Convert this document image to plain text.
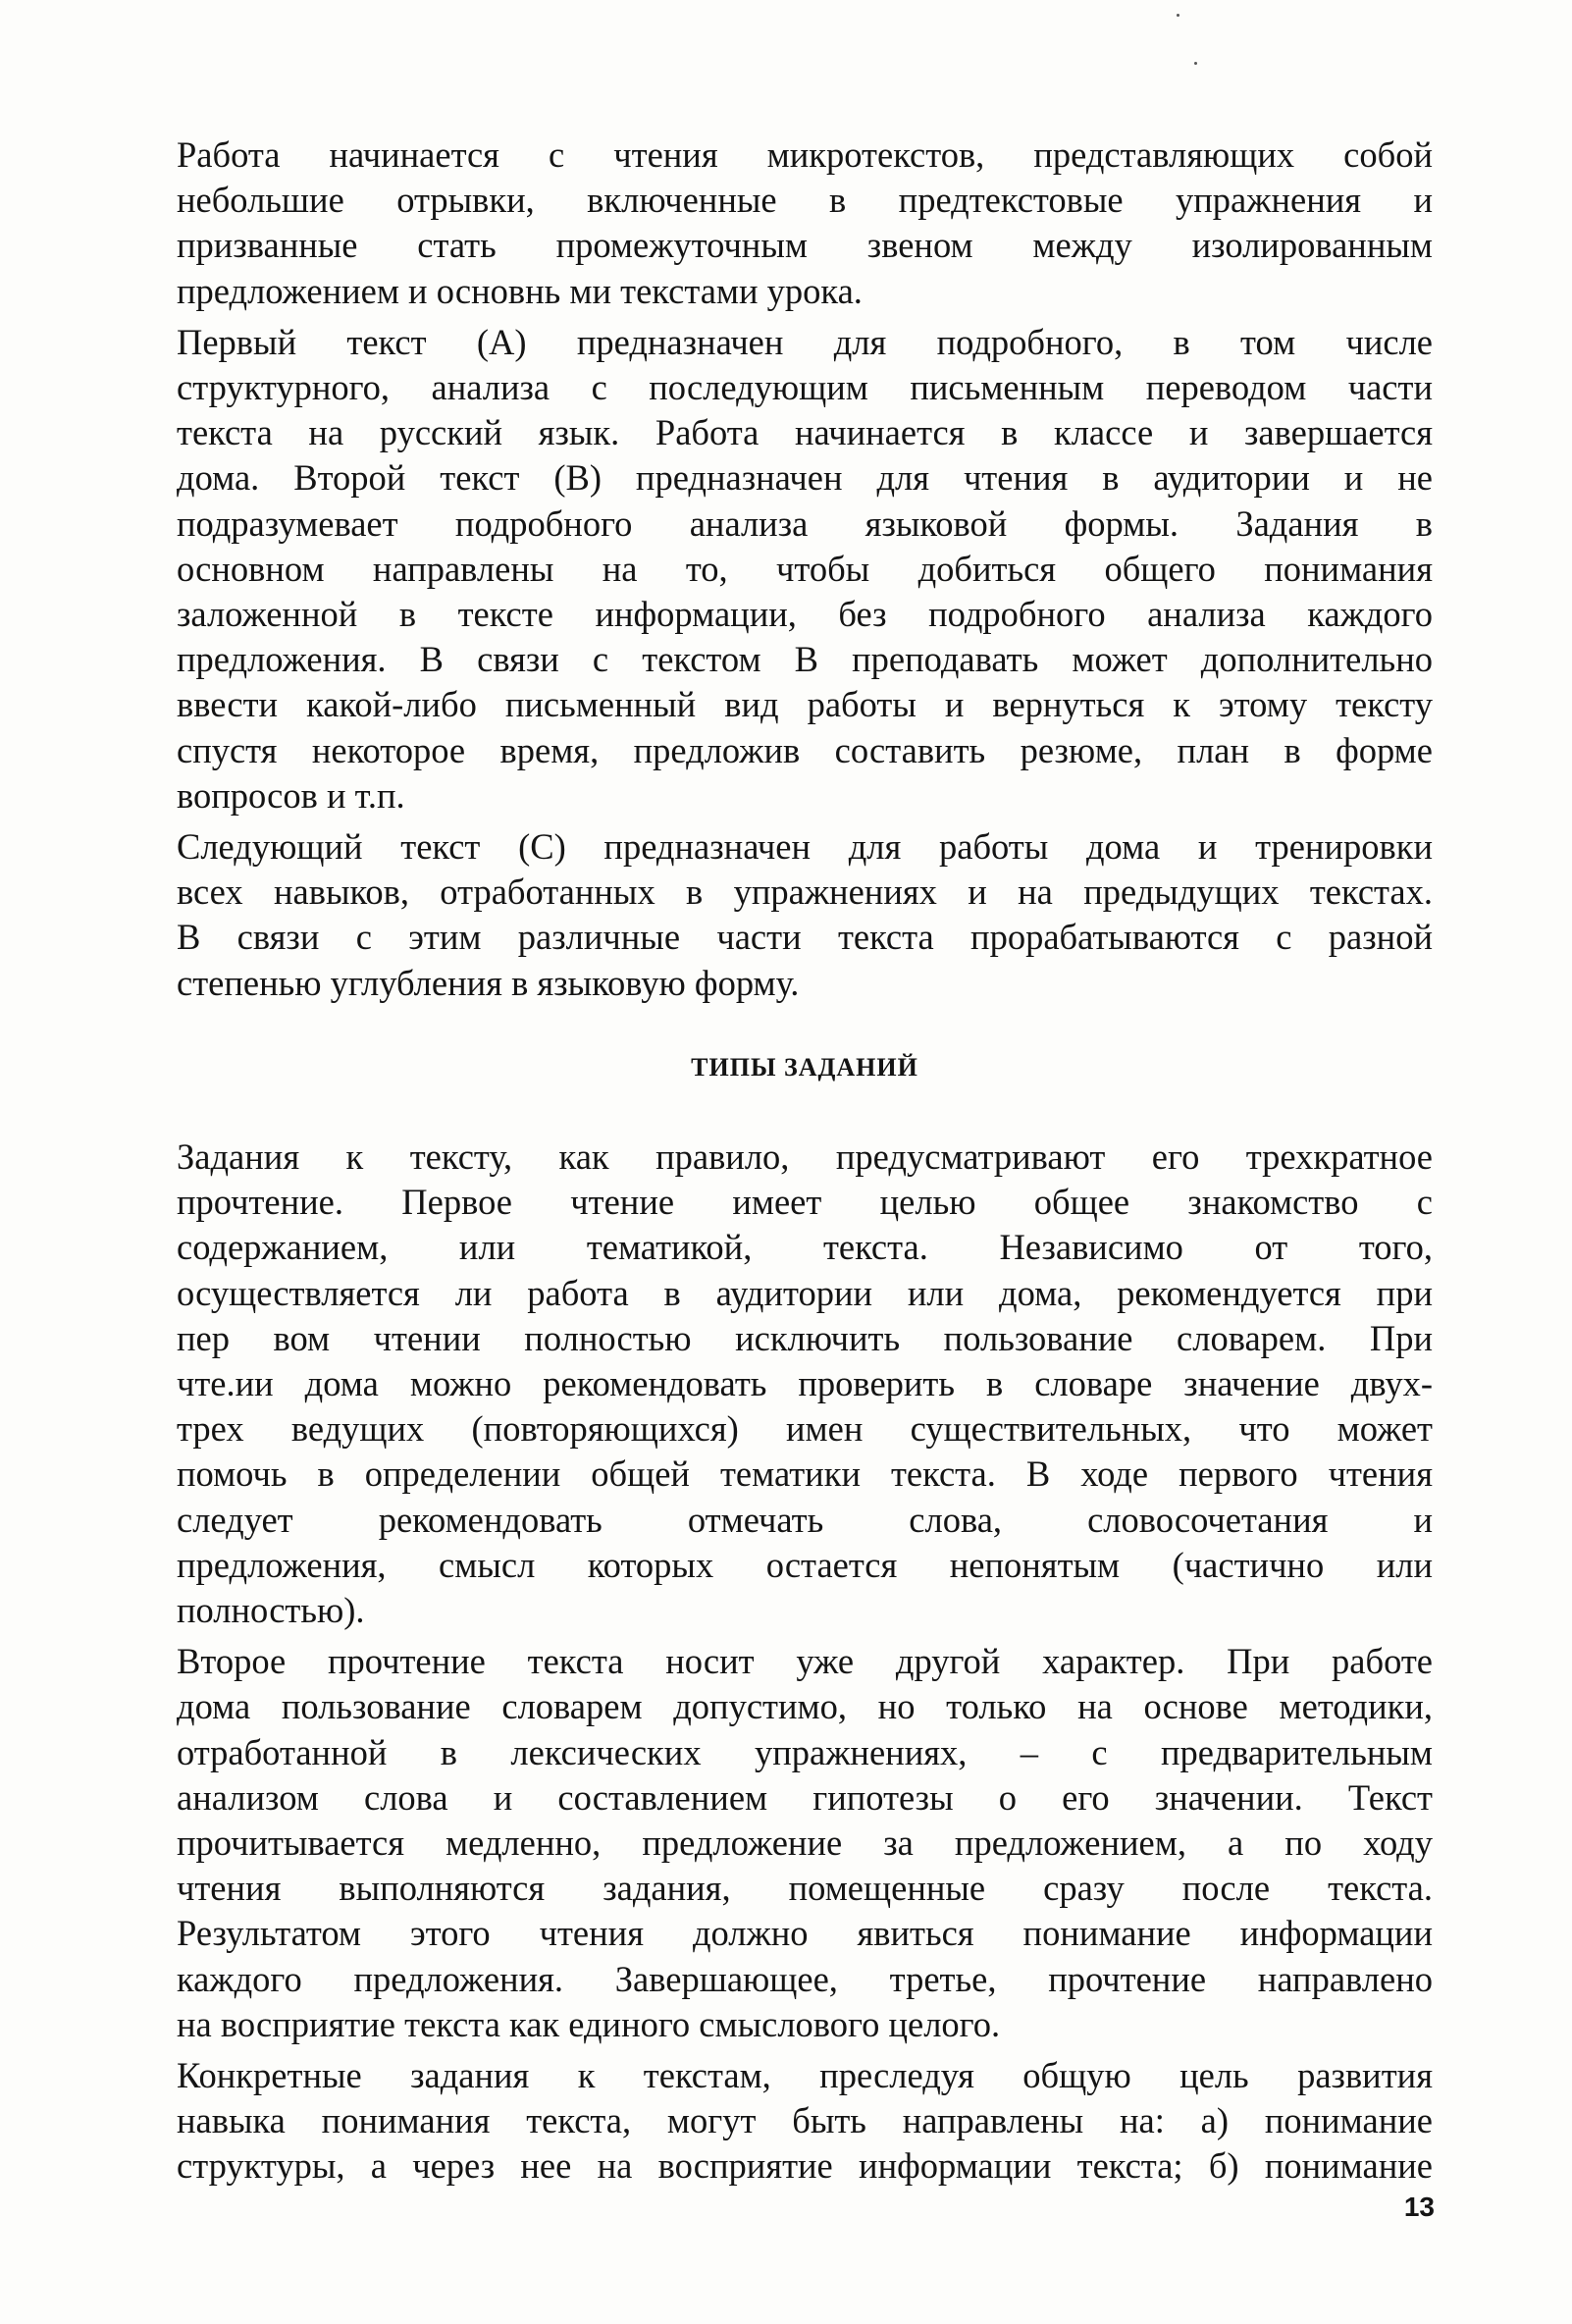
Работа начинается с чтения микротекстов, представляющих собой
небольшие отрывки, включенные в предтекстовые упражнения и
призванные стать промежуточным звеном между изолированным
предложением и основнь ми текстами урока.
Первый текст (А) предназначен для подробного, в том числе
структурного, анализа с последующим письменным переводом части
текста на русский язык. Работа начинается в классе и завершается
дома. Второй текст (В) предназначен для чтения в аудитории и не
подразумевает подробного анализа языковой формы. Задания в
основном направлены на то, чтобы добиться общего понимания
заложенной в тексте информации, без подробного анализа каждого
предложения. В связи с текстом В преподавать может дополнительно
ввести какой-либо письменный вид работы и вернуться к этому тексту
спустя некоторое время, предложив составить резюме, план в форме
вопросов и т.п.
Следующий текст (С) предназначен для работы дома и тренировки
всех навыков, отработанных в упражнениях и на предыдущих текстах.
В связи с этим различные части текста прорабатываются с разной
степенью углубления в языковую форму.
ТИПЫ ЗАДАНИЙ
Задания к тексту, как правило, предусматривают его трехкратное
прочтение. Первое чтение имеет целью общее знакомство с
содержанием, или тематикой, текста. Независимо от того,
осуществляется ли работа в аудитории или дома, рекомендуется при
пеp вом чтении полностью исключить пользование словарем. При
чте.ии дома можно рекомендовать проверить в словаре значение двух-
трех ведущих (повторяющихся) имен существительных, что может
помочь в определении общей тематики текста. В ходе первого чтения
следует рекомендовать отмечать слова, словосочетания и
предложения, смысл которых остается непонятым (частично или
полностью).
Второе прочтение текста носит уже другой характер. При работе
дома пользование словарем допустимо, но только на основе методики,
отработанной в лексических упражнениях, – с предварительным
анализом слова и составлением гипотезы о его значении. Текст
прочитывается медленно, предложение за предложением, а по ходу
чтения выполняются задания, помещенные сразу после текста.
Результатом этого чтения должно явиться понимание информации
каждого предложения. Завершающее, третье, прочтение направлено
на восприятие текста как единого смыслового целого.
Конкретные задания к текстам, преследуя общую цель развития
навыка понимания текста, могут быть направлены на: а) понимание
структуры, а через нее на восприятие информации текста; б) понимание
13
